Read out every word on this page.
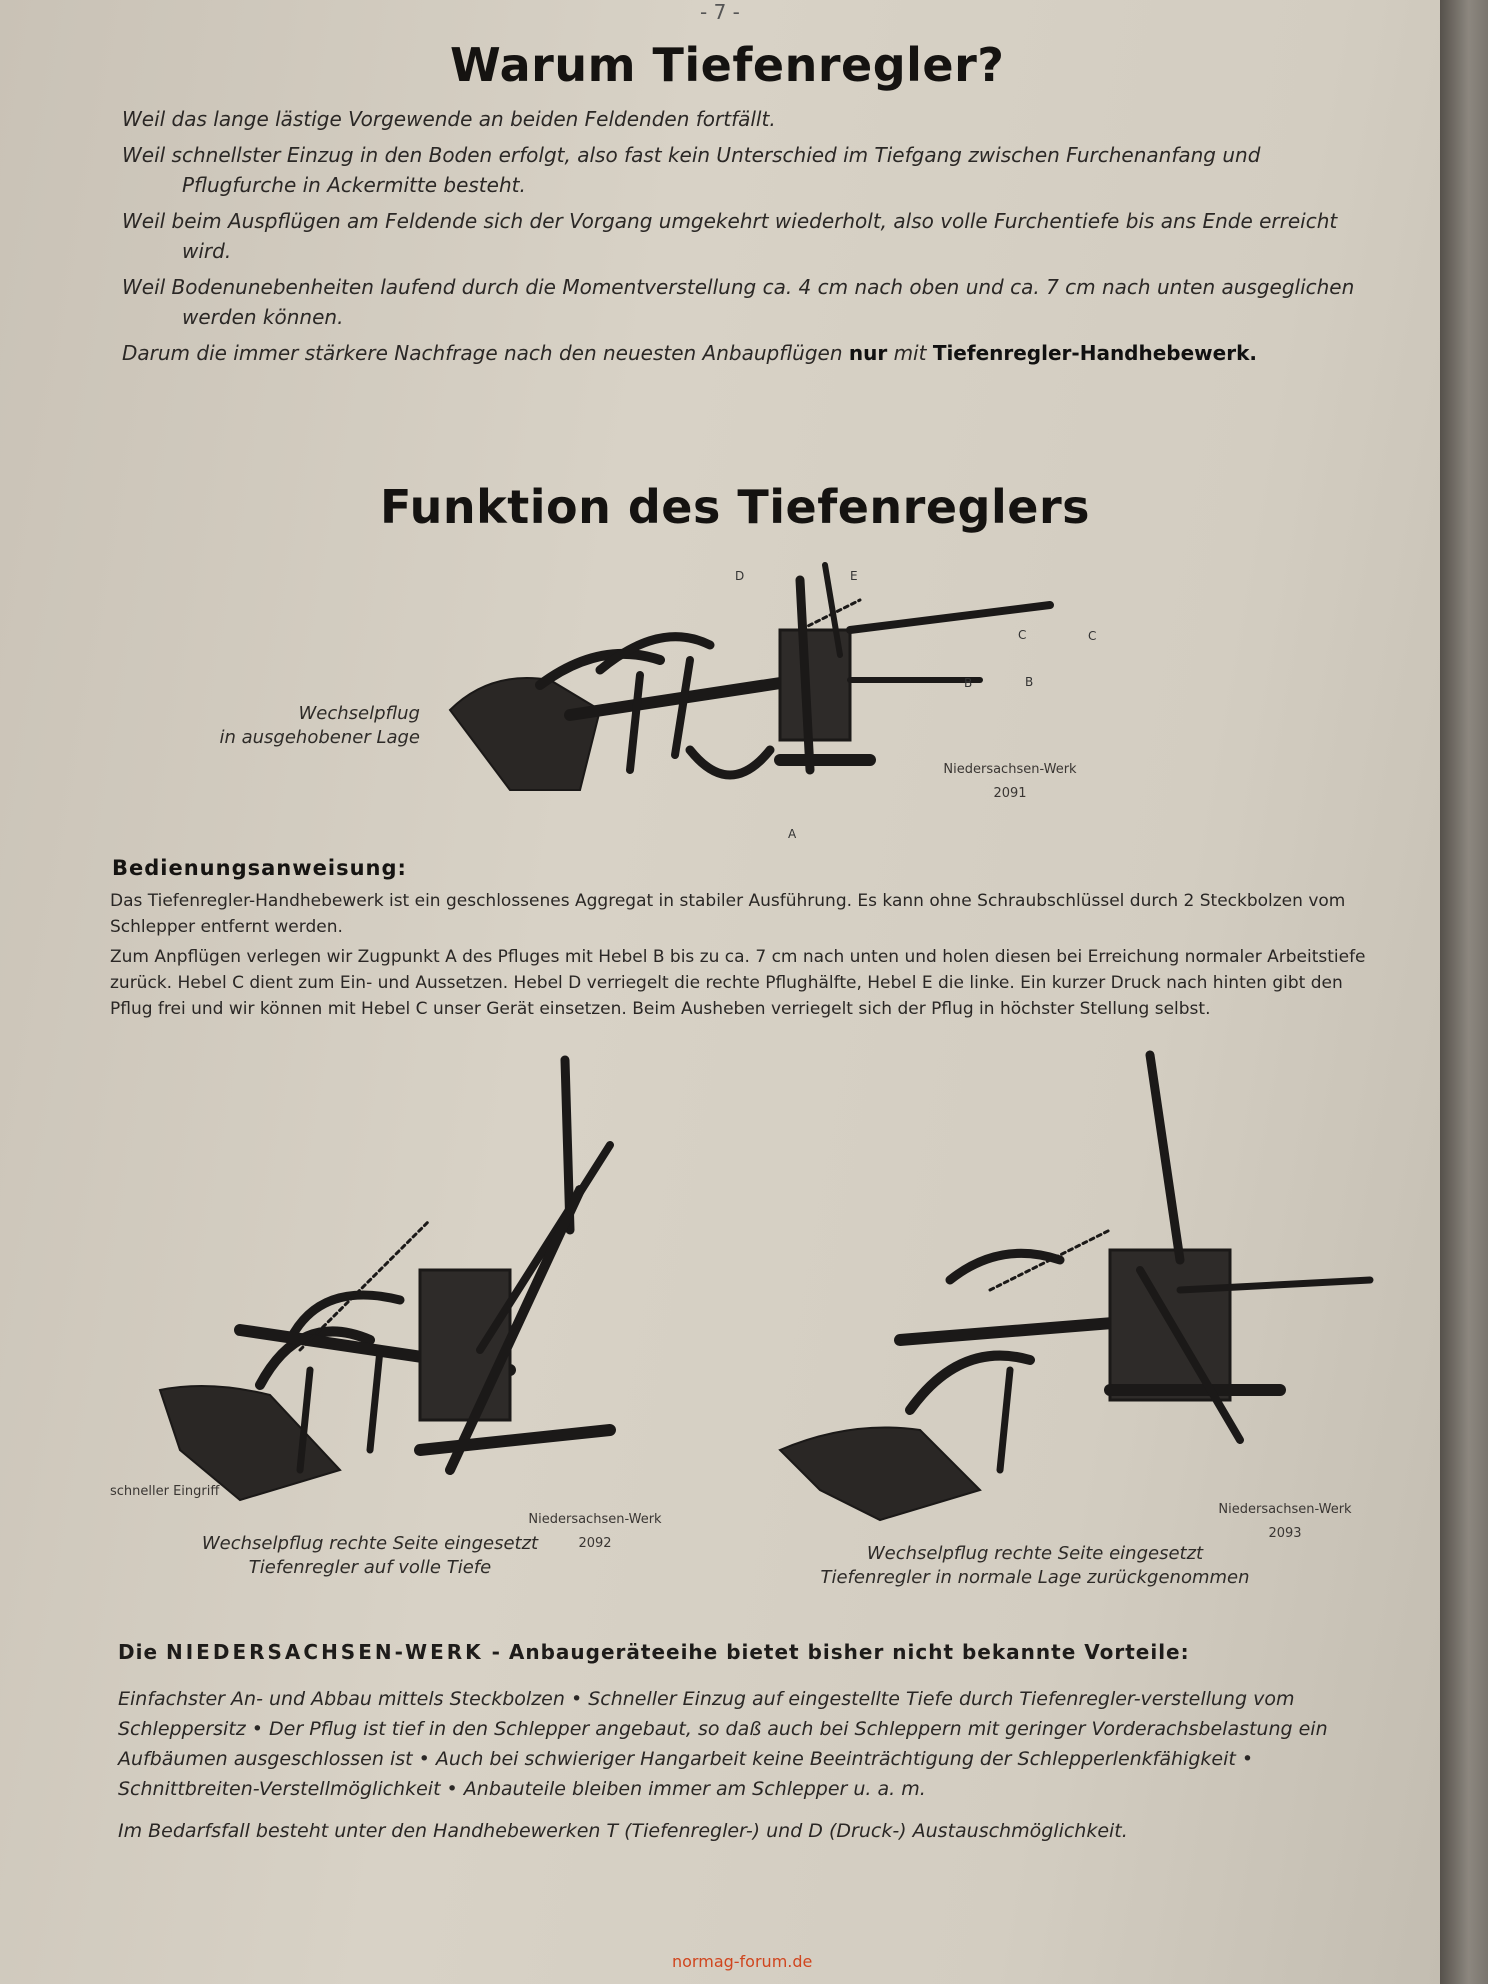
- 7 -
Warum Tiefenregler?

Weil das lange lästige Vorgewende an beiden Feldenden fortfällt.

Weil schnellster Einzug in den Boden erfolgt, also fast kein Unterschied im Tiefgang zwischen Furchenanfang und Pflugfurche in Ackermitte besteht.

Weil beim Auspflügen am Feldende sich der Vorgang umgekehrt wiederholt, also volle Furchentiefe bis ans Ende erreicht wird.

Weil Bodenunebenheiten laufend durch die Momentverstellung ca. 4 cm nach oben und ca. 7 cm nach unten ausgeglichen werden können.

Darum die immer stärkere Nachfrage nach den neuesten Anbaupflügen nur mit Tiefenregler-Handhebewerk.

Funktion des Tiefenreglers
D	E
C
B
A
C
B
Wechselpflug
in ausgehobener Lage
Niedersachsen-Werk
2091
Bedienungsanweisung:

Das Tiefenregler-Handhebewerk ist ein geschlossenes Aggregat in stabiler Ausführung. Es kann ohne Schraubschlüssel durch 2 Steckbolzen vom Schlepper entfernt werden.

Zum Anpflügen verlegen wir Zugpunkt A des Pfluges mit Hebel B bis zu ca. 7 cm nach unten und holen diesen bei Erreichung normaler Arbeitstiefe zurück. Hebel C dient zum Ein- und Aussetzen. Hebel D verriegelt die rechte Pflughälfte, Hebel E die linke. Ein kurzer Druck nach hinten gibt den Pflug frei und wir können mit Hebel C unser Gerät einsetzen. Beim Ausheben verriegelt sich der Pflug in höchster Stellung selbst.

schneller Eingriff
Niedersachsen-Werk
2092
Wechselpflug rechte Seite eingesetzt
Tiefenregler auf volle Tiefe
Niedersachsen-Werk
2093
Wechselpflug rechte Seite eingesetzt
Tiefenregler in normale Lage zurückgenommen
Die NIEDERSACHSEN-WERK - Anbaugeräteeihe bietet bisher nicht bekannte Vorteile:

Einfachster An- und Abbau mittels Steckbolzen • Schneller Einzug auf eingestellte Tiefe durch Tiefenregler-verstellung vom Schleppersitz • Der Pflug ist tief in den Schlepper angebaut, so daß auch bei Schleppern mit geringer Vorderachsbelastung ein Aufbäumen ausgeschlossen ist • Auch bei schwieriger Hangarbeit keine Beeinträchtigung der Schlepperlenkfähigkeit • Schnittbreiten-Verstellmöglichkeit • Anbauteile bleiben immer am Schlepper u. a. m.

Im Bedarfsfall besteht unter den Handhebewerken T (Tiefenregler-) und D (Druck-) Austauschmöglichkeit.

normag-forum.de
